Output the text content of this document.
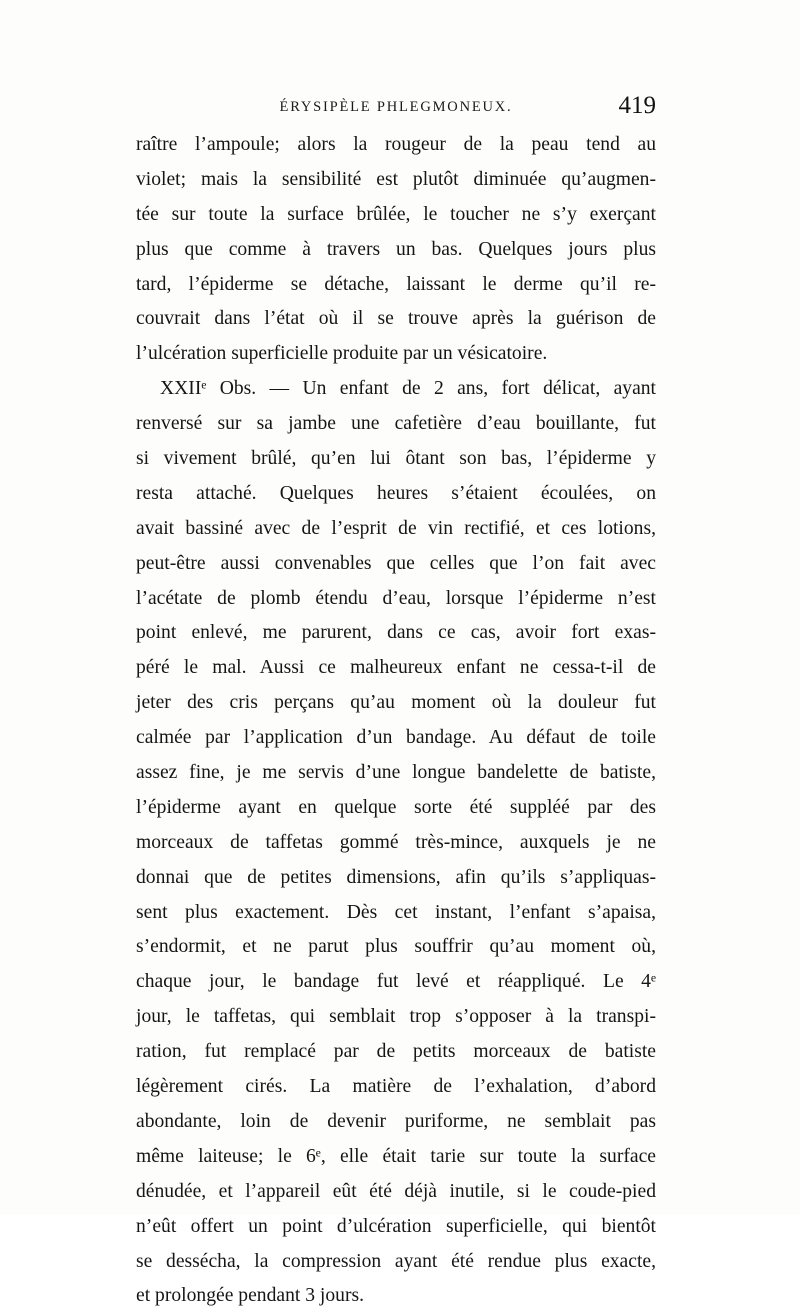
ÉRYSIPÈLE PHLEGMONEUX.	419
raître l’ampoule; alors la rougeur de la peau tend au
violet; mais la sensibilité est plutôt diminuée qu’augmen-
tée sur toute la surface brûlée, le toucher ne s’y exerçant
plus que comme à travers un bas. Quelques jours plus
tard, l’épiderme se détache, laissant le derme qu’il re-
couvrait dans l’état où il se trouve après la guérison de
l’ulcération superficielle produite par un vésicatoire.
XXIIᵉ Obs. — Un enfant de 2 ans, fort délicat, ayant
renversé sur sa jambe une cafetière d’eau bouillante, fut
si vivement brûlé, qu’en lui ôtant son bas, l’épiderme y
resta attaché. Quelques heures s’étaient écoulées, on
avait bassiné avec de l’esprit de vin rectifié, et ces lotions,
peut-être aussi convenables que celles que l’on fait avec
l’acétate de plomb étendu d’eau, lorsque l’épiderme n’est
point enlevé, me parurent, dans ce cas, avoir fort exas-
péré le mal. Aussi ce malheureux enfant ne cessa-t-il de
jeter des cris perçans qu’au moment où la douleur fut
calmée par l’application d’un bandage. Au défaut de toile
assez fine, je me servis d’une longue bandelette de batiste,
l’épiderme ayant en quelque sorte été suppléé par des
morceaux de taffetas gommé très-mince, auxquels je ne
donnai que de petites dimensions, afin qu’ils s’appliquas-
sent plus exactement. Dès cet instant, l’enfant s’apaisa,
s’endormit, et ne parut plus souffrir qu’au moment où,
chaque jour, le bandage fut levé et réappliqué. Le 4ᵉ
jour, le taffetas, qui semblait trop s’opposer à la transpi-
ration, fut remplacé par de petits morceaux de batiste
légèrement cirés. La matière de l’exhalation, d’abord
abondante, loin de devenir puriforme, ne semblait pas
même laiteuse; le 6ᵉ, elle était tarie sur toute la surface
dénudée, et l’appareil eût été déjà inutile, si le coude-pied
n’eût offert un point d’ulcération superficielle, qui bientôt
se dessécha, la compression ayant été rendue plus exacte,
et prolongée pendant 3 jours.
